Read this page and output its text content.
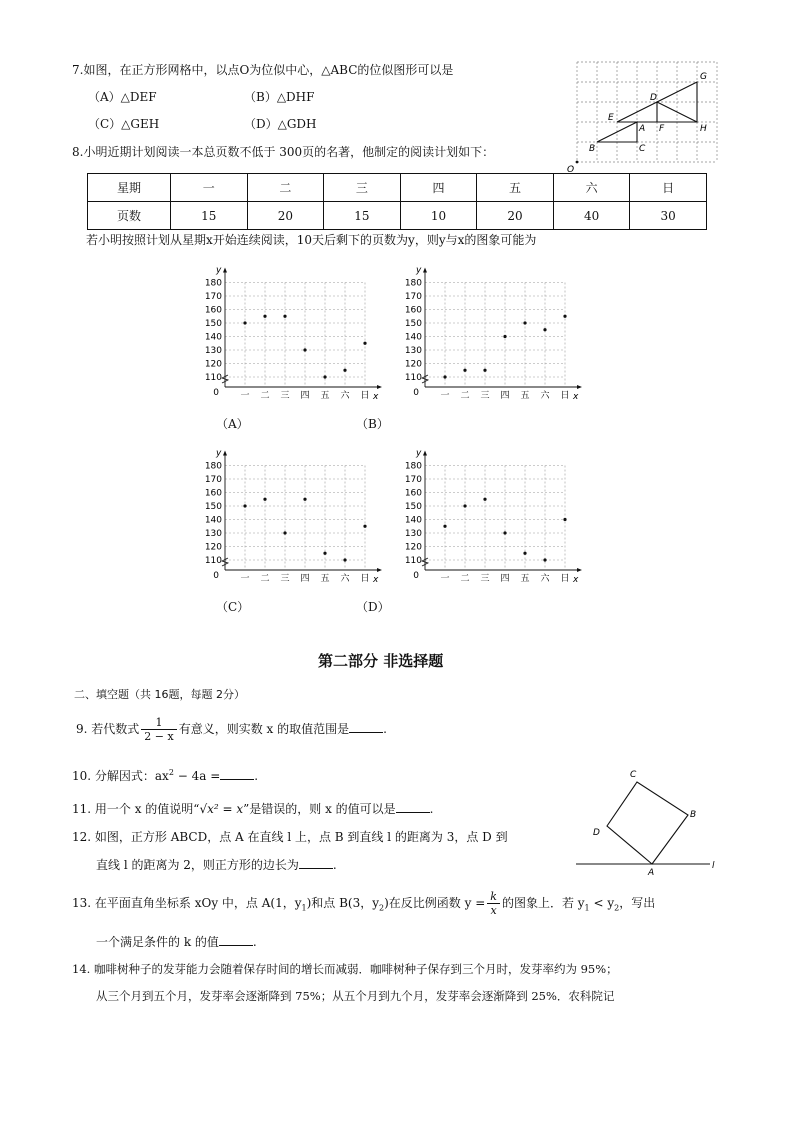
7.如图，在正方形网格中，以点O为位似中心，△ABC的位似图形可以是
（A）△DEF	（B）△DHF
（C）△GEH	（D）△GDH
G
D
E
A F	H
B	C
O
8.小明近期计划阅读一本总页数不低于 300页的名著，他制定的阅读计划如下：
星期	一	二	三	四	五	六	日
页数	15	20	15	10	20	40	30
若小明按照计划从星期x开始连续阅读，10天后剩下的页数为y，则y与x的图象可能为
180
170
160
150
140
130
120
110
一 二 三 四 五 六 日
0	x
y
180
170
160
150
140
130
120
110
一 二 三 四 五 六 日
0	x
y
180
170
160
150
140
130
120
110
一 二 三 四 五 六 日
0	x
y
180
170
160
150
140
130
120
110
一 二 三 四 五 六 日
0	x
y
（A）	（B）
（C）	（D）
第二部分 非选择题
二、填空题（共 16题，每题 2分）
9. 若代数式 $\frac{1}{2 - x}$ 有意义，则实数 x 的取值范围是	.
10. 分解因式：$ax^2 - 4a$ =	.
11. 用一个 x 的值说明“√x² = x”是错误的，则 x 的值可以是	.
12. 如图，正方形 ABCD，点 A 在直线 l 上，点 B 到直线 l 的距离为 3，点 D 到
直线 l 的距离为 2，则正方形的边长为	.
C
B
D
A
l
13. 在平面直角坐标系 xOy 中，点 A(1，$y_1$)和点 B(3，$y_2$)在反比例函数 $y = \frac{k}{x}$ 的图象上．若 $y_1 < y_2$，写出
一个满足条件的 k 的值	.
14. 咖啡树种子的发芽能力会随着保存时间的增长而减弱．咖啡树种子保存到三个月时，发芽率约为 95%；
从三个月到五个月，发芽率会逐渐降到 75%；从五个月到九个月，发芽率会逐渐降到 25%．农科院记
